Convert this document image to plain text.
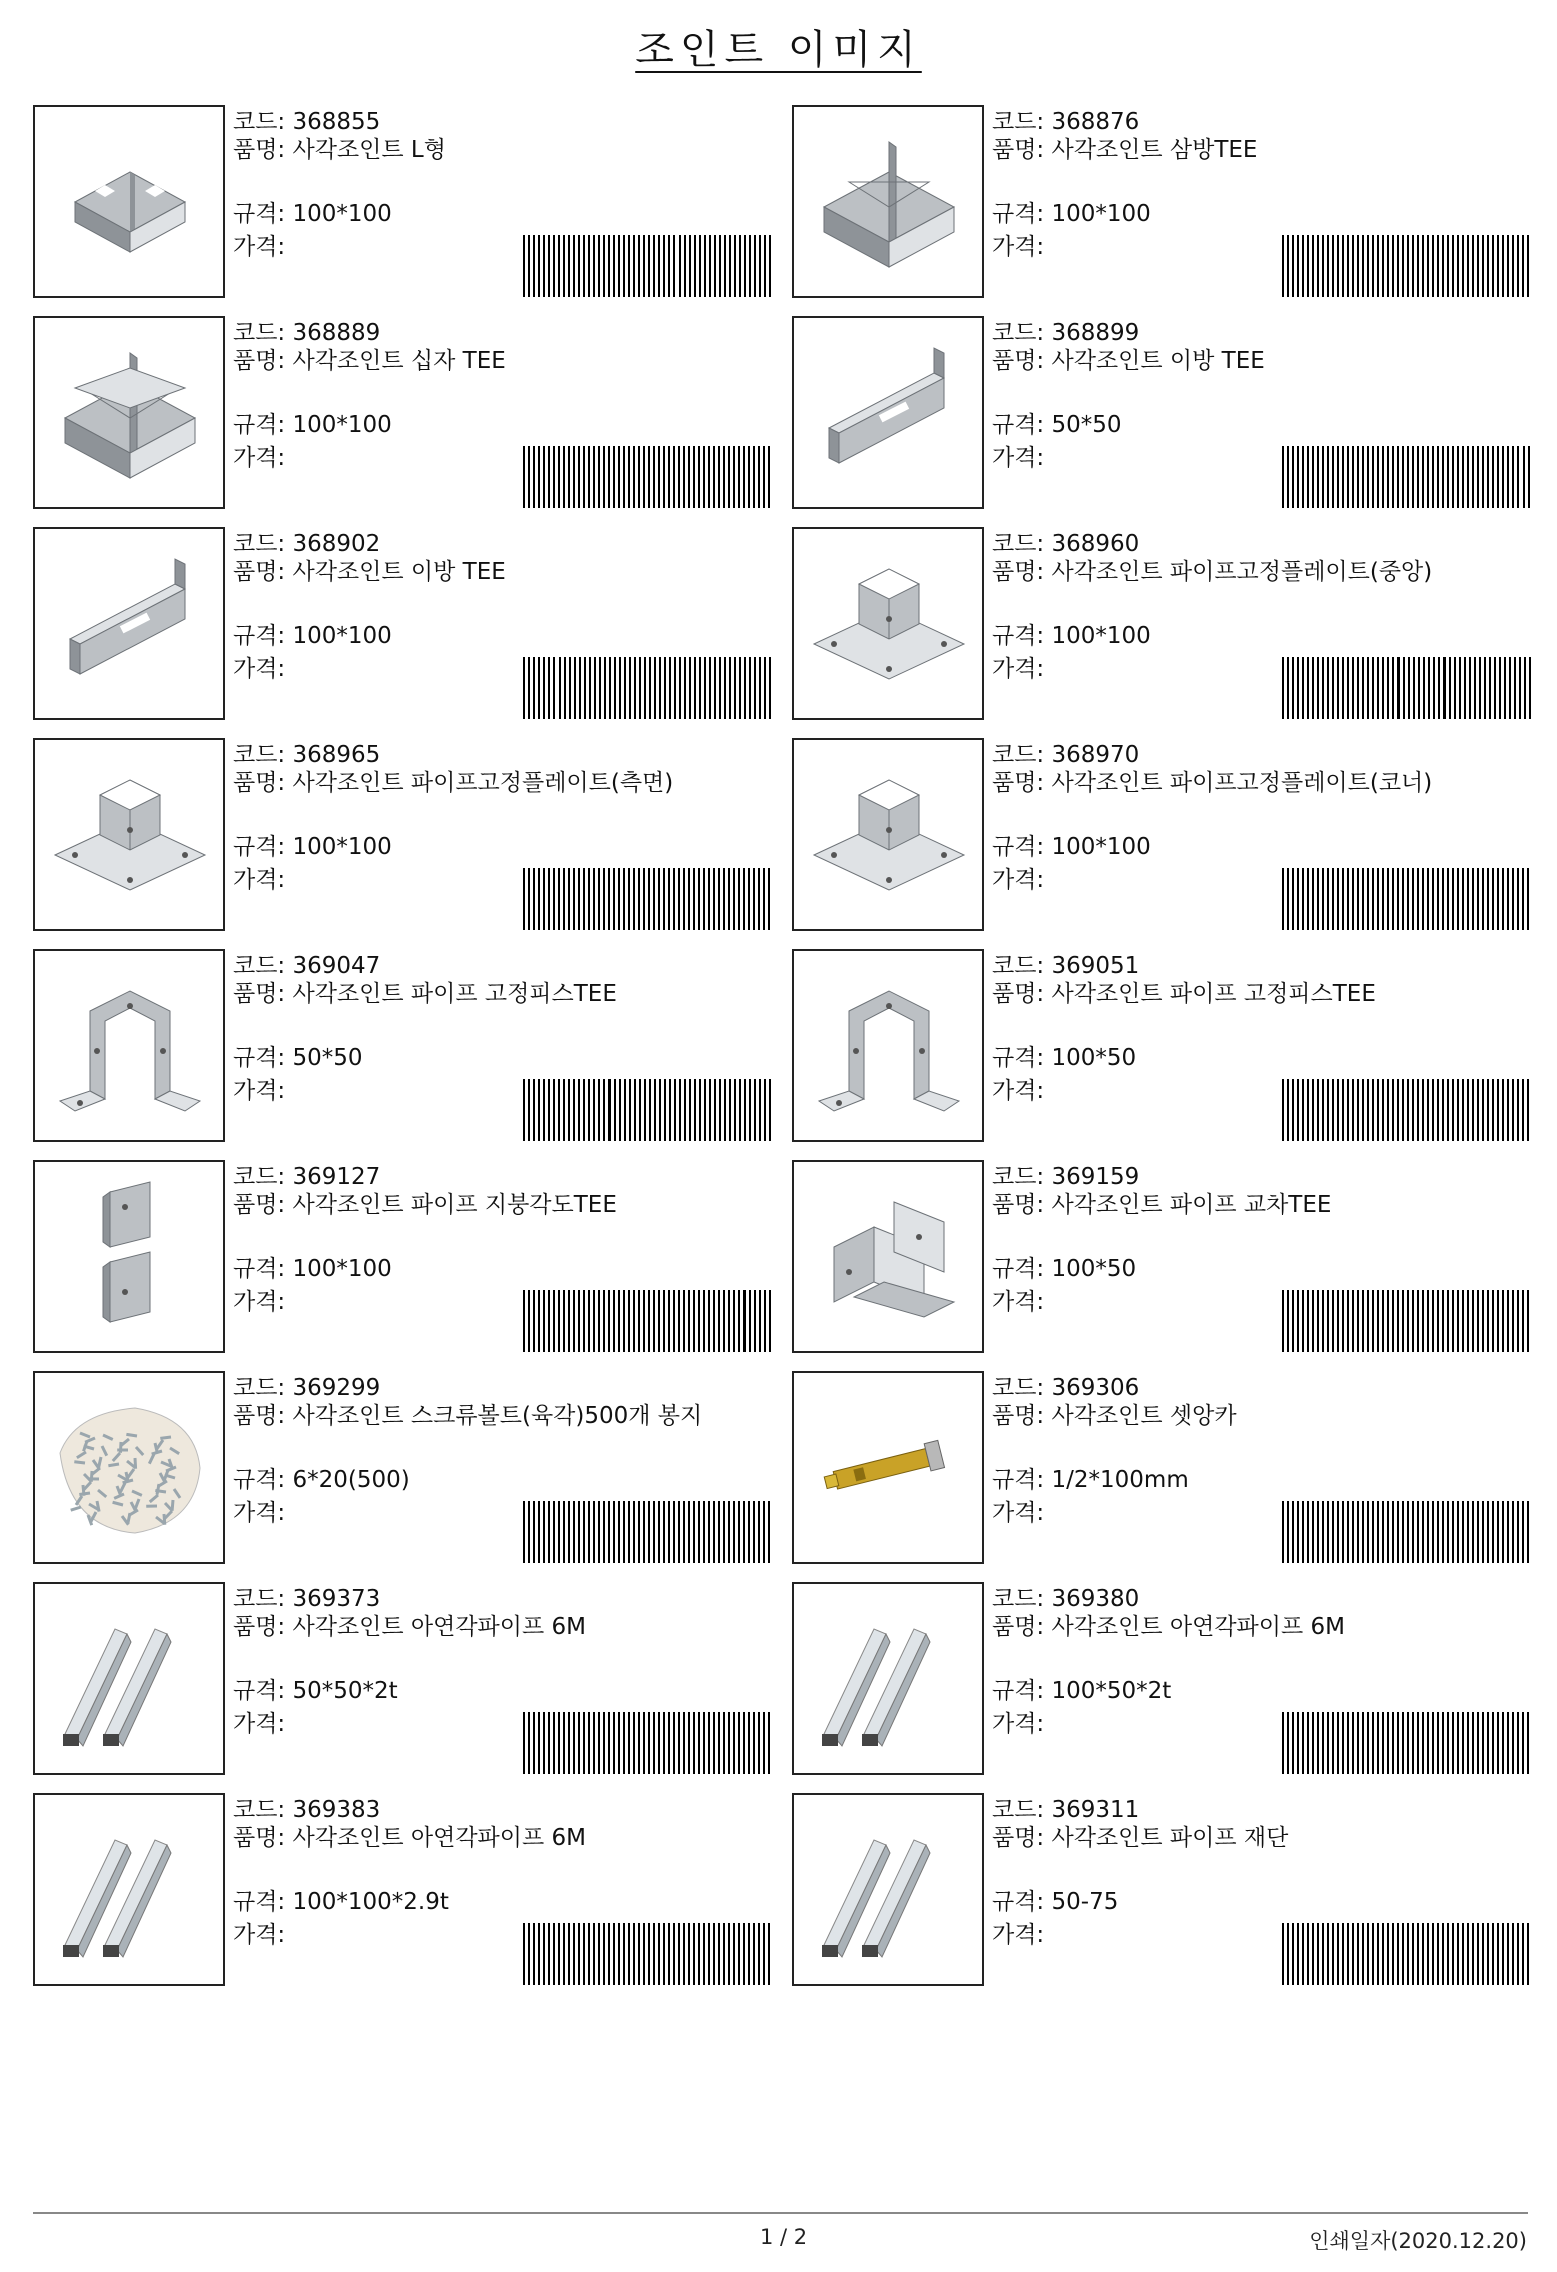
조인트 이미지
코드: 368855
품명: 사각조인트 L형
규격: 100*100
가격:
코드: 368876
품명: 사각조인트 삼방TEE
규격: 100*100
가격:
코드: 368889
품명: 사각조인트 십자 TEE
규격: 100*100
가격:
코드: 368899
품명: 사각조인트 이방 TEE
규격: 50*50
가격:
코드: 368902
품명: 사각조인트 이방 TEE
규격: 100*100
가격:
코드: 368960
품명: 사각조인트 파이프고정플레이트(중앙)
규격: 100*100
가격:
코드: 368965
품명: 사각조인트 파이프고정플레이트(측면)
규격: 100*100
가격:
코드: 368970
품명: 사각조인트 파이프고정플레이트(코너)
규격: 100*100
가격:
코드: 369047
품명: 사각조인트 파이프 고정피스TEE
규격: 50*50
가격:
코드: 369051
품명: 사각조인트 파이프 고정피스TEE
규격: 100*50
가격:
코드: 369127
품명: 사각조인트 파이프 지붕각도TEE
규격: 100*100
가격:
코드: 369159
품명: 사각조인트 파이프 교차TEE
규격: 100*50
가격:
코드: 369299
품명: 사각조인트 스크류볼트(육각)500개 봉지
규격: 6*20(500)
가격:
코드: 369306
품명: 사각조인트 셋앙카
규격: 1/2*100mm
가격:
코드: 369373
품명: 사각조인트 아연각파이프 6M
규격: 50*50*2t
가격:
코드: 369380
품명: 사각조인트 아연각파이프 6M
규격: 100*50*2t
가격:
코드: 369383
품명: 사각조인트 아연각파이프 6M
규격: 100*100*2.9t
가격:
코드: 369311
품명: 사각조인트 파이프 재단
규격: 50-75
가격:
1 / 2	인쇄일자(2020.12.20)
